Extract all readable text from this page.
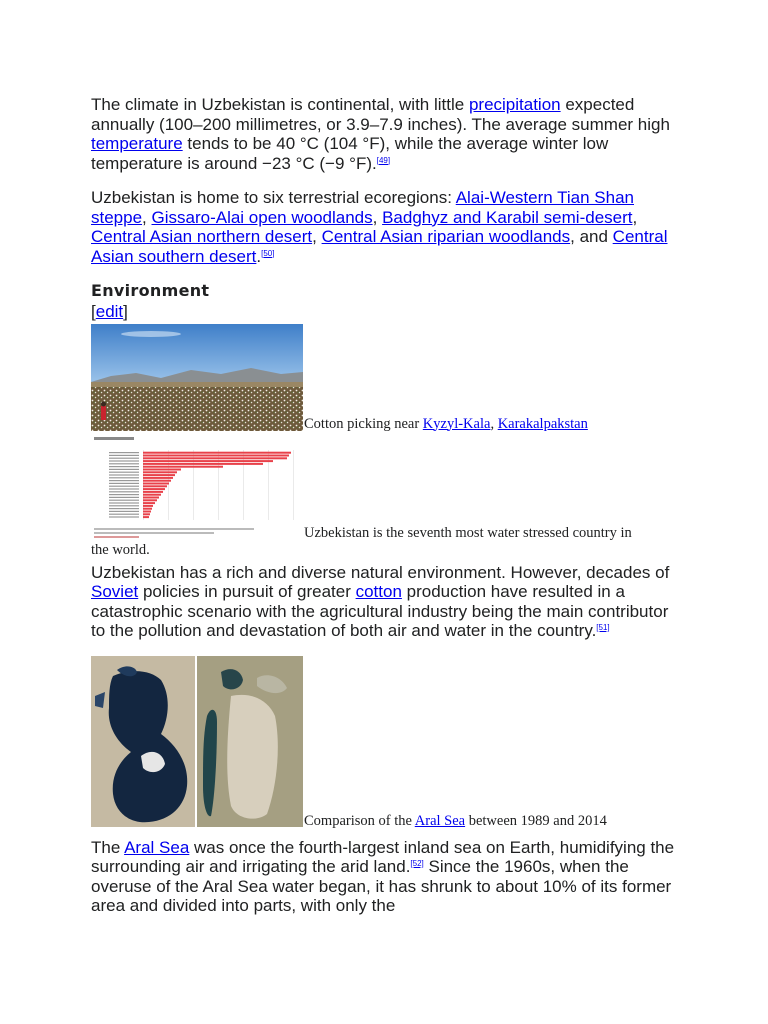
The climate in Uzbekistan is continental, with little precipitation expected annually (100–200 millimetres, or 3.9–7.9 inches). The average summer high temperature tends to be 40 °C (104 °F), while the average winter low temperature is around −23 °C (−9 °F).[49]

Uzbekistan is home to six terrestrial ecoregions: Alai-Western Tian Shan steppe, Gissaro-Alai open woodlands, Badghyz and Karabil semi-desert, Central Asian northern desert, Central Asian riparian woodlands, and Central Asian southern desert.[50]

Environment
[edit]
Cotton picking near Kyzyl-Kala, Karakalpakstan
Uzbekistan is the seventh most water stressed country in
the world.

Uzbekistan has a rich and diverse natural environment. However, decades of Soviet policies in pursuit of greater cotton production have resulted in a catastrophic scenario with the agricultural industry being the main contributor to the pollution and devastation of both air and water in the country.[51]

Comparison of the Aral Sea between 1989 and 2014

The Aral Sea was once the fourth-largest inland sea on Earth, humidifying the surrounding air and irrigating the arid land.[52] Since the 1960s, when the overuse of the Aral Sea water began, it has shrunk to about 10% of its former area and divided into parts, with only the
